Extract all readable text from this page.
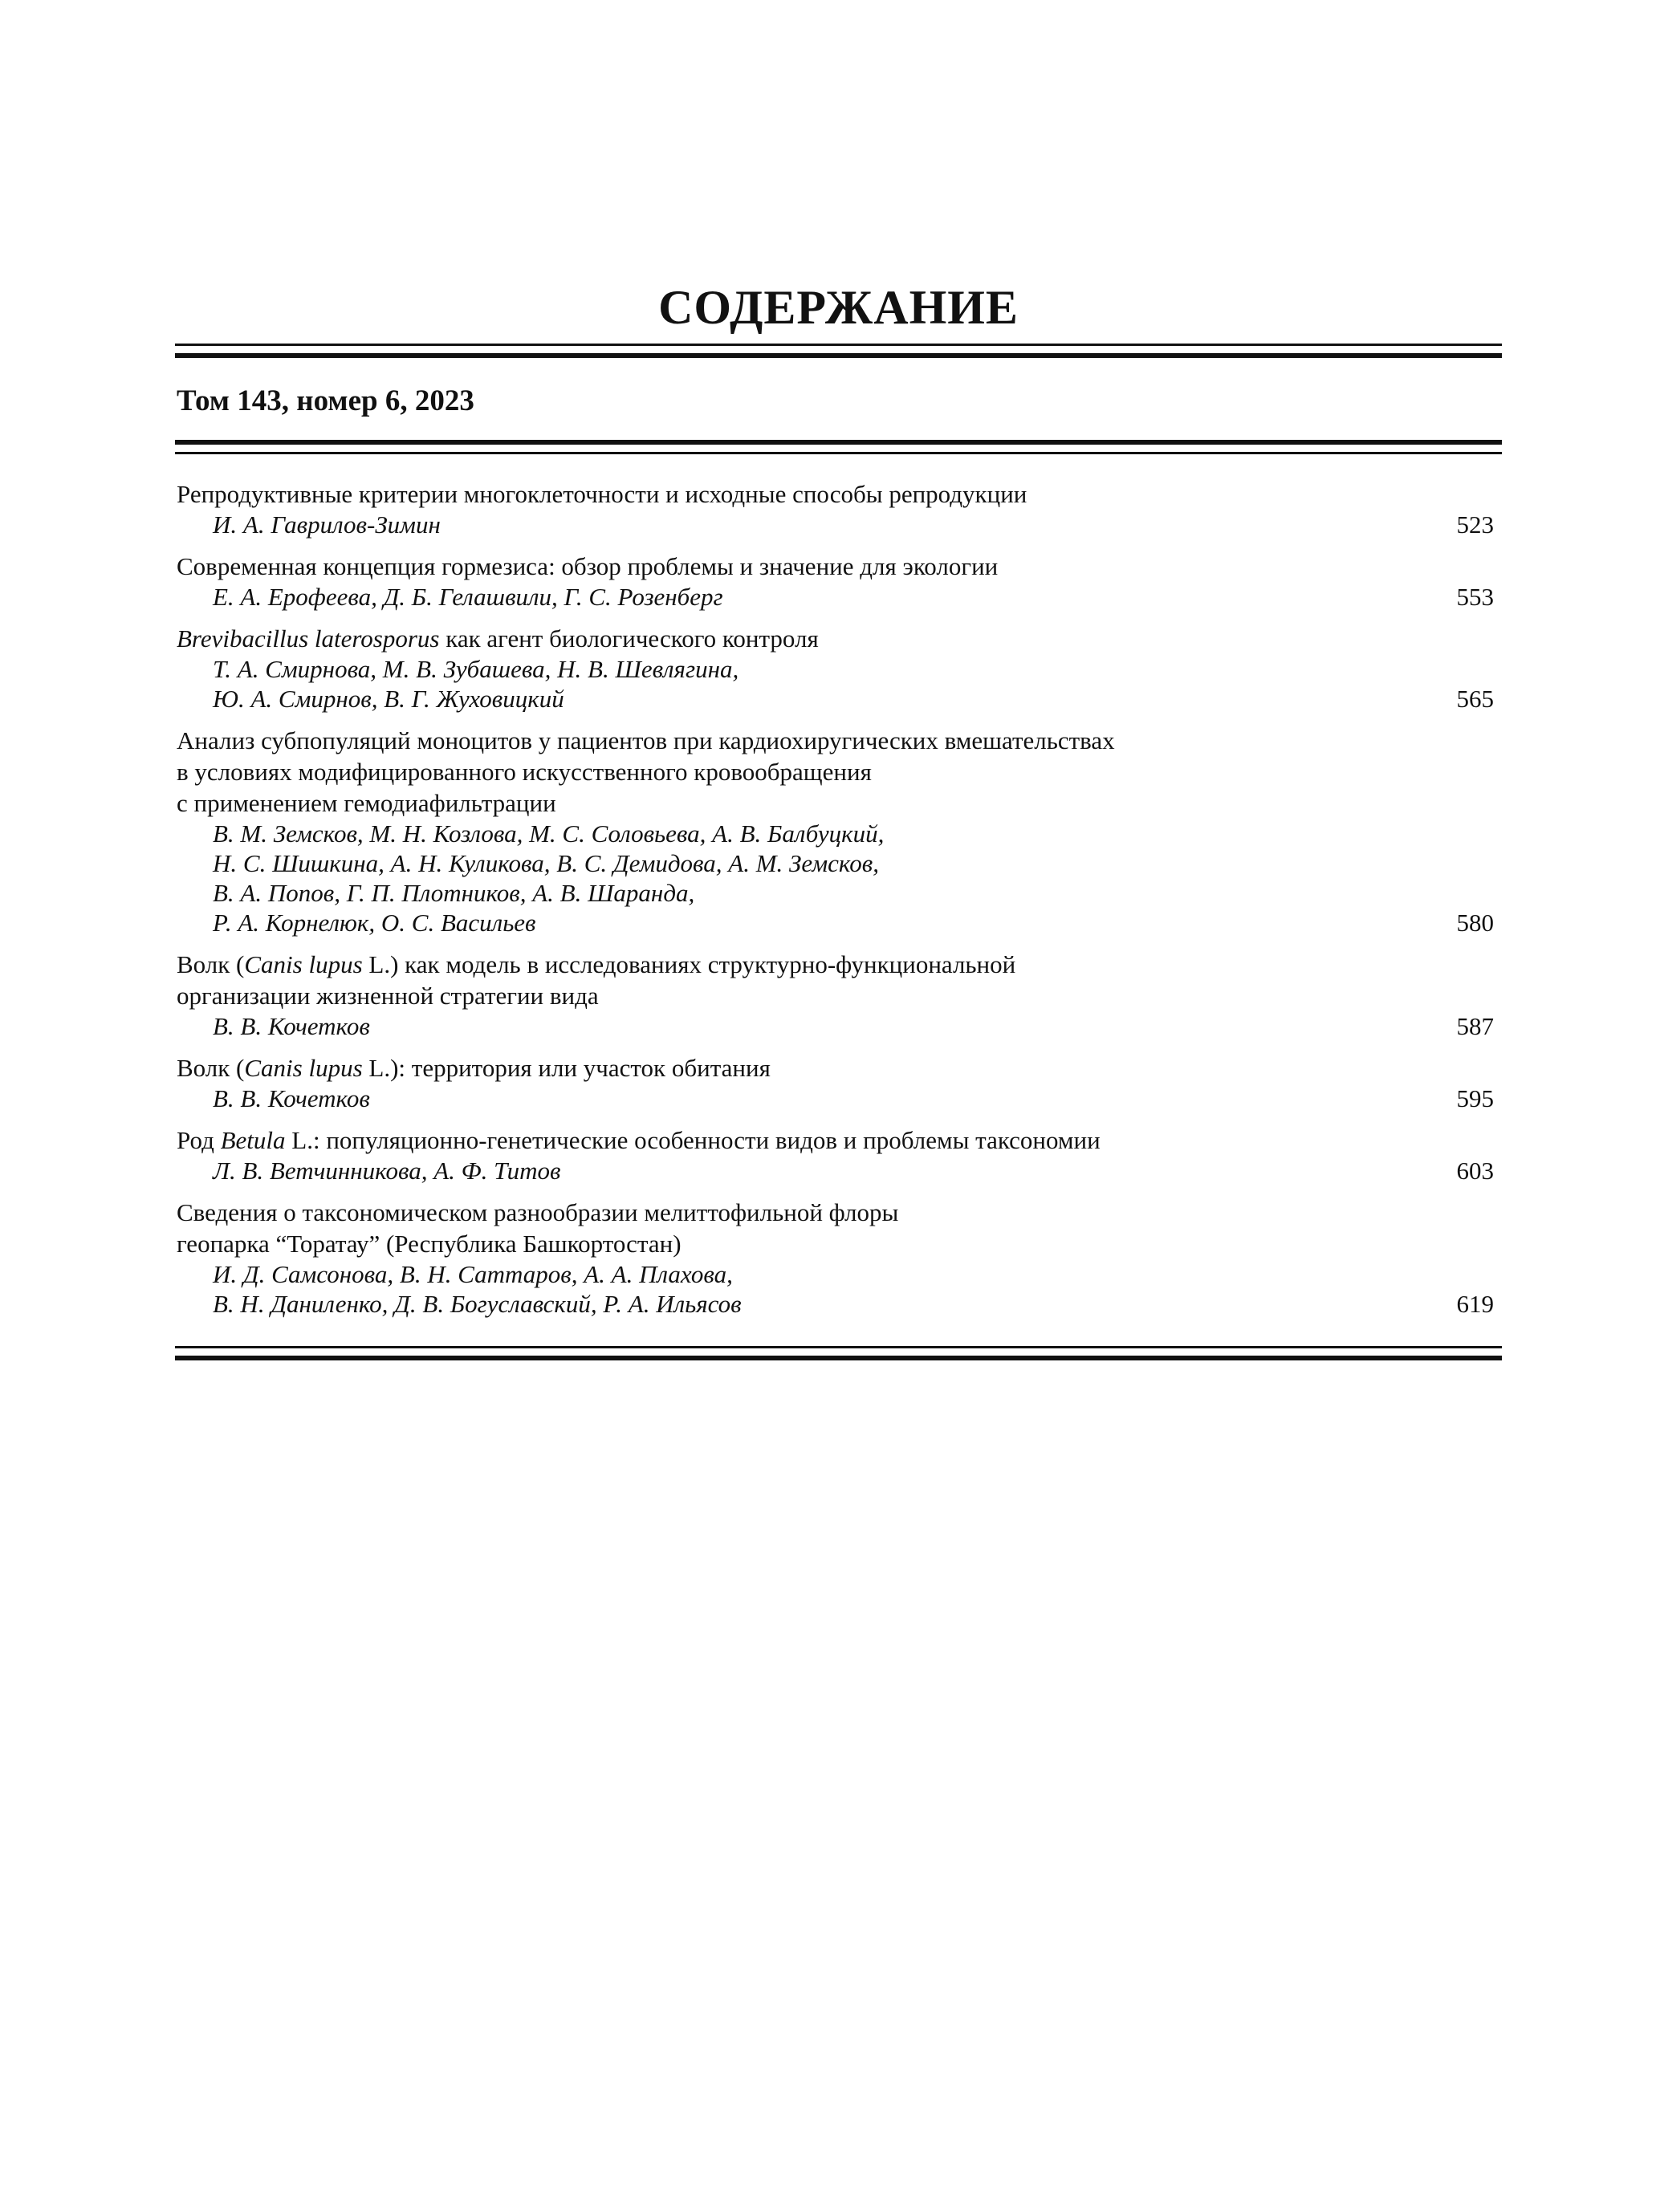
СОДЕРЖАНИЕ
Том 143, номер 6, 2023
Репродуктивные критерии многоклеточности и исходные способы репродукции
И. А. Гаврилов-Зимин	523
Современная концепция гормезиса: обзор проблемы и значение для экологии
Е. А. Ерофеева, Д. Б. Гелашвили, Г. С. Розенберг	553
Brevibacillus laterosporus как агент биологического контроля
Т. А. Смирнова, М. В. Зубашева, Н. В. Шевлягина,
Ю. А. Смирнов, В. Г. Жуховицкий	565
Анализ субпопуляций моноцитов у пациентов при кардиохиругических вмешательствах
в условиях модифицированного искусственного кровообращения
с применением гемодиафильтрации
В. М. Земсков, М. Н. Козлова, М. С. Соловьева, А. В. Балбуцкий,
Н. С. Шишкина, А. Н. Куликова, В. С. Демидова, А. М. Земсков,
В. А. Попов, Г. П. Плотников, А. В. Шаранда,
Р. А. Корнелюк, О. С. Васильев	580
Волк (Canis lupus L.) как модель в исследованиях структурно-функциональной
организации жизненной стратегии вида
В. В. Кочетков	587
Волк (Canis lupus L.): территория или участок обитания
В. В. Кочетков	595
Род Betula L.: популяционно-генетические особенности видов и проблемы таксономии
Л. В. Ветчинникова, А. Ф. Титов	603
Сведения о таксономическом разнообразии мелиттофильной флоры
геопарка “Торатау” (Республика Башкортостан)
И. Д. Самсонова, В. Н. Саттаров, А. А. Плахова,
В. Н. Даниленко, Д. В. Богуславский, Р. А. Ильясов	619
